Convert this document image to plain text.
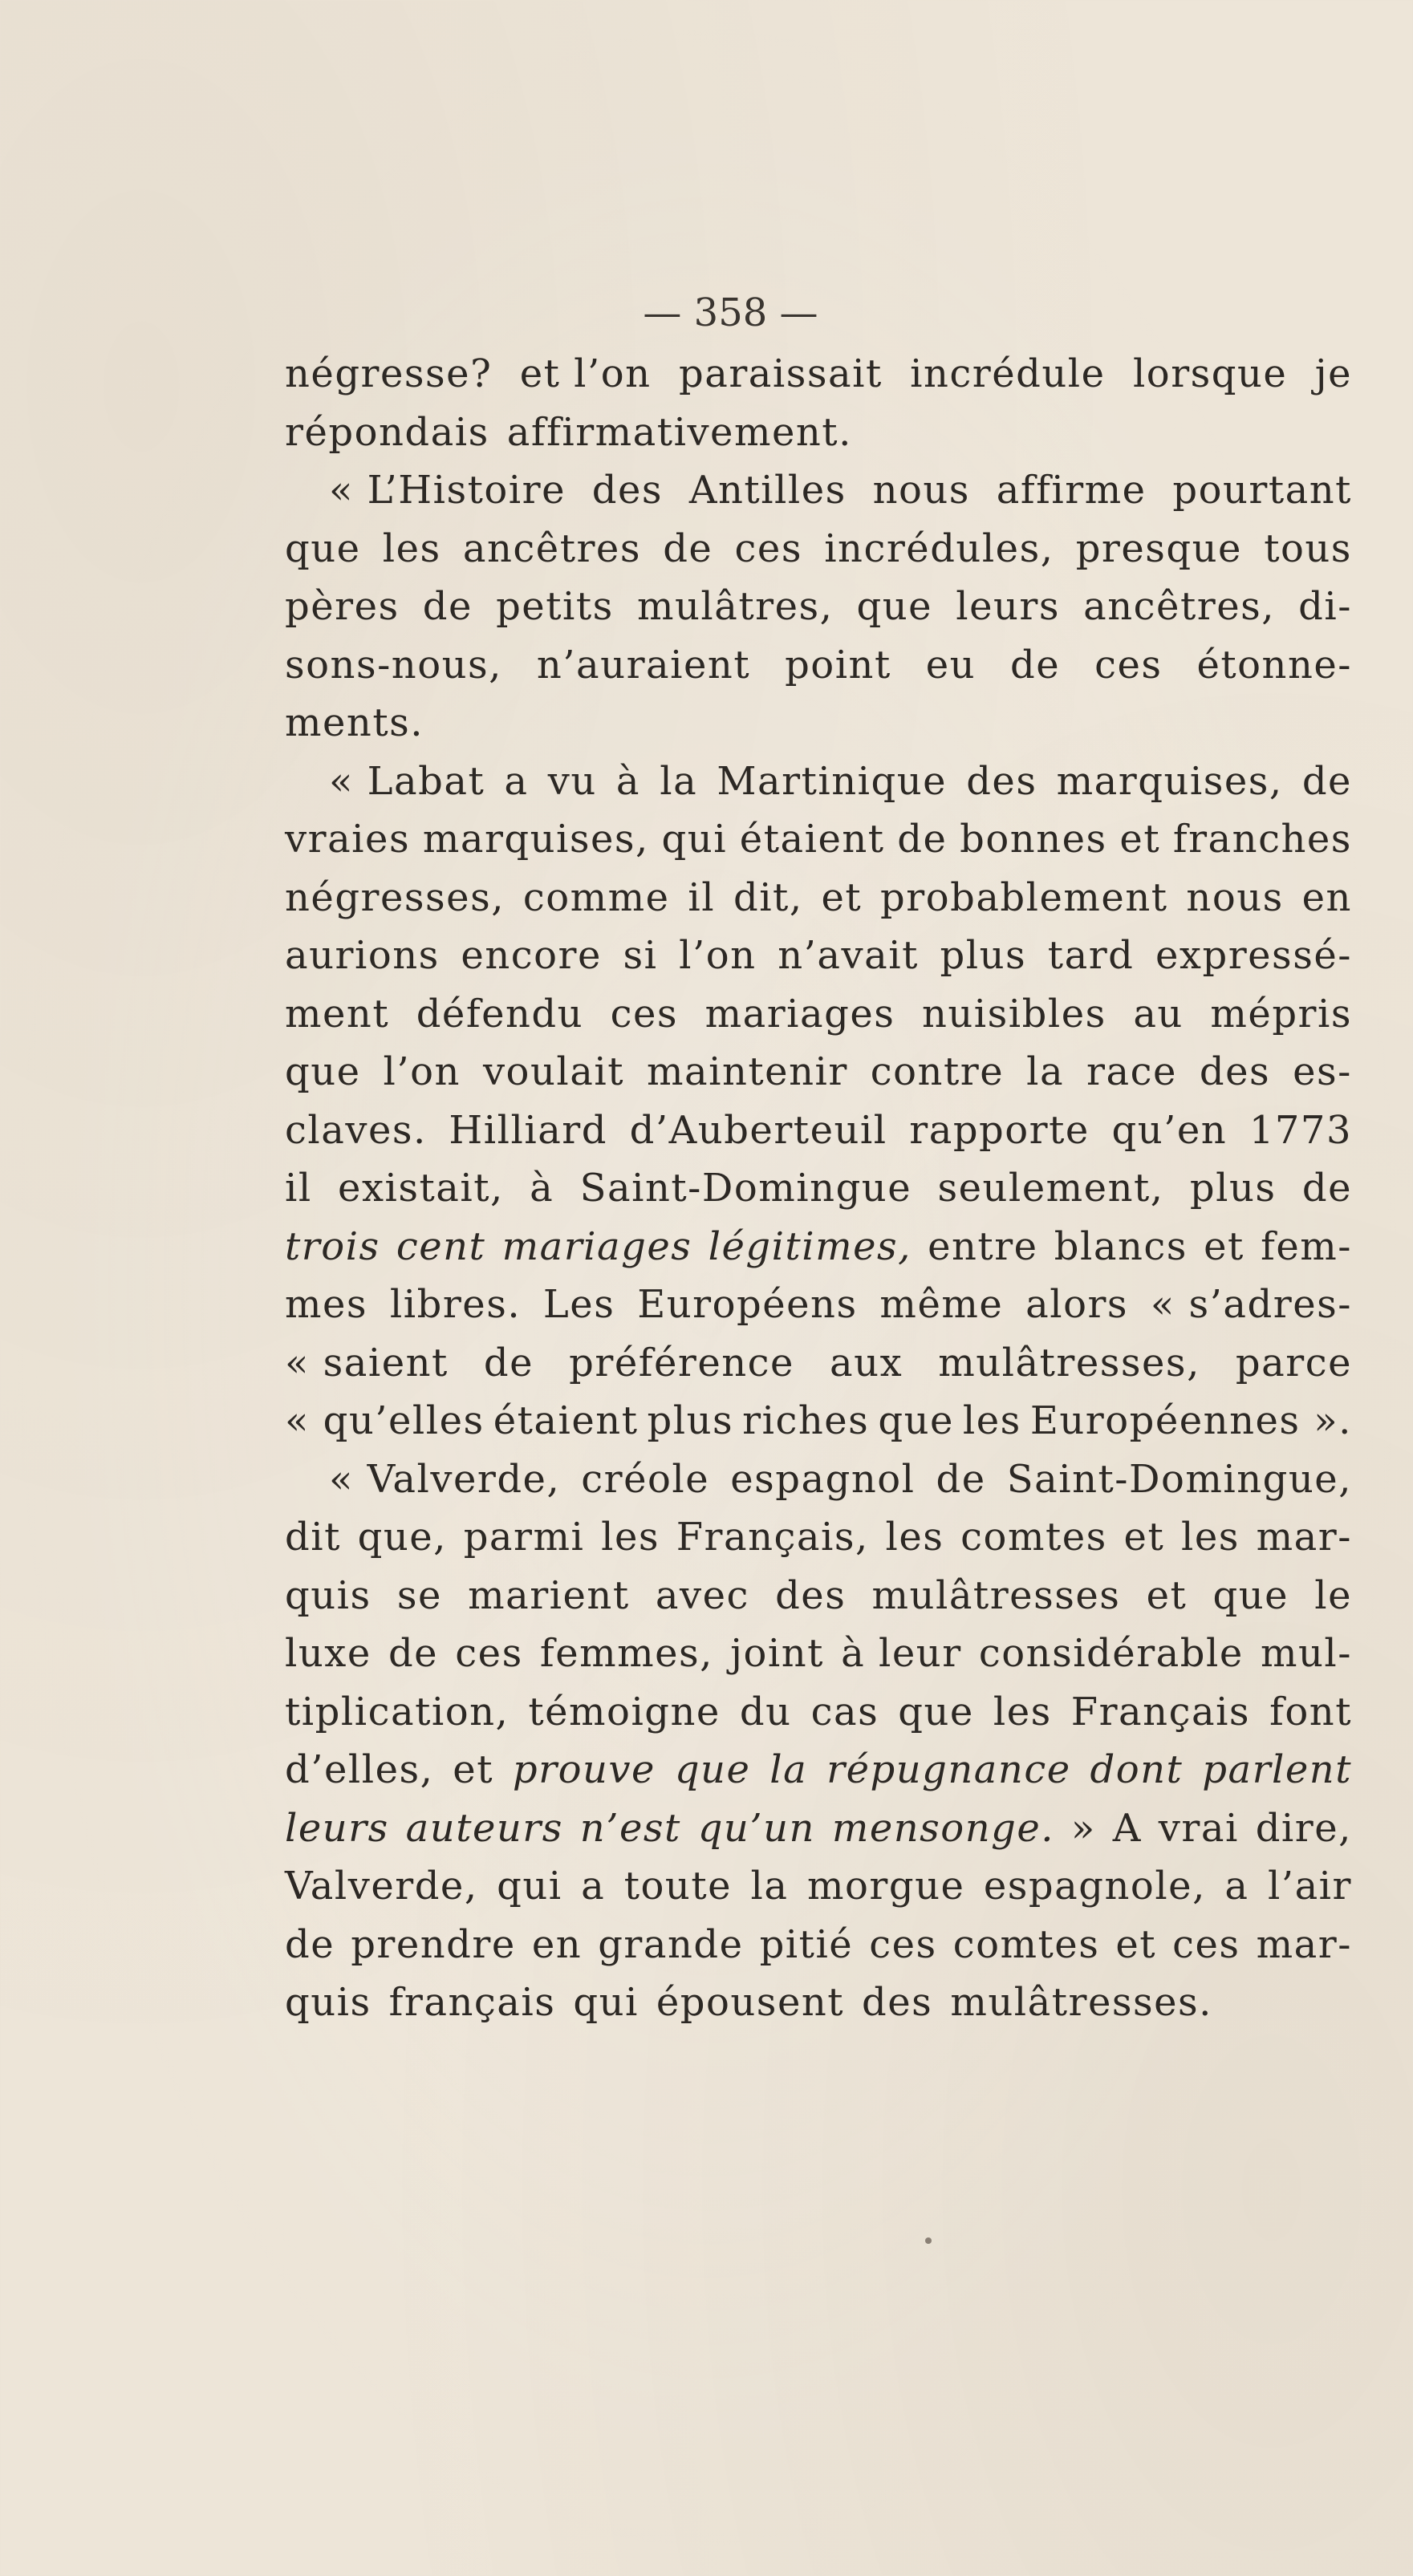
— 358 —
négresse? et l’on paraissait incrédule lorsque je
répondais affirmativement.
« L’Histoire des Antilles nous affirme pourtant
que les ancêtres de ces incrédules, presque tous
pères de petits mulâtres, que leurs ancêtres, di-
sons-nous, n’auraient point eu de ces étonne-
ments.
« Labat a vu à la Martinique des marquises, de
vraies marquises, qui étaient de bonnes et franches
négresses, comme il dit, et probablement nous en
aurions encore si l’on n’avait plus tard expressé-
ment défendu ces mariages nuisibles au mépris
que l’on voulait maintenir contre la race des es-
claves. Hilliard d’Auberteuil rapporte qu’en 1773
il existait, à Saint-Domingue seulement, plus de
trois cent mariages légitimes, entre blancs et fem-
mes libres. Les Européens même alors « s’adres-
« saient de préférence aux mulâtresses, parce
« qu’elles étaient plus riches que les Européennes ».
« Valverde, créole espagnol de Saint-Domingue,
dit que, parmi les Français, les comtes et les mar-
quis se marient avec des mulâtresses et que le
luxe de ces femmes, joint à leur considérable mul-
tiplication, témoigne du cas que les Français font
d’elles, et prouve que la répugnance dont parlent
leurs auteurs n’est qu’un mensonge. » A vrai dire,
Valverde, qui a toute la morgue espagnole, a l’air
de prendre en grande pitié ces comtes et ces mar-
quis français qui épousent des mulâtresses.
